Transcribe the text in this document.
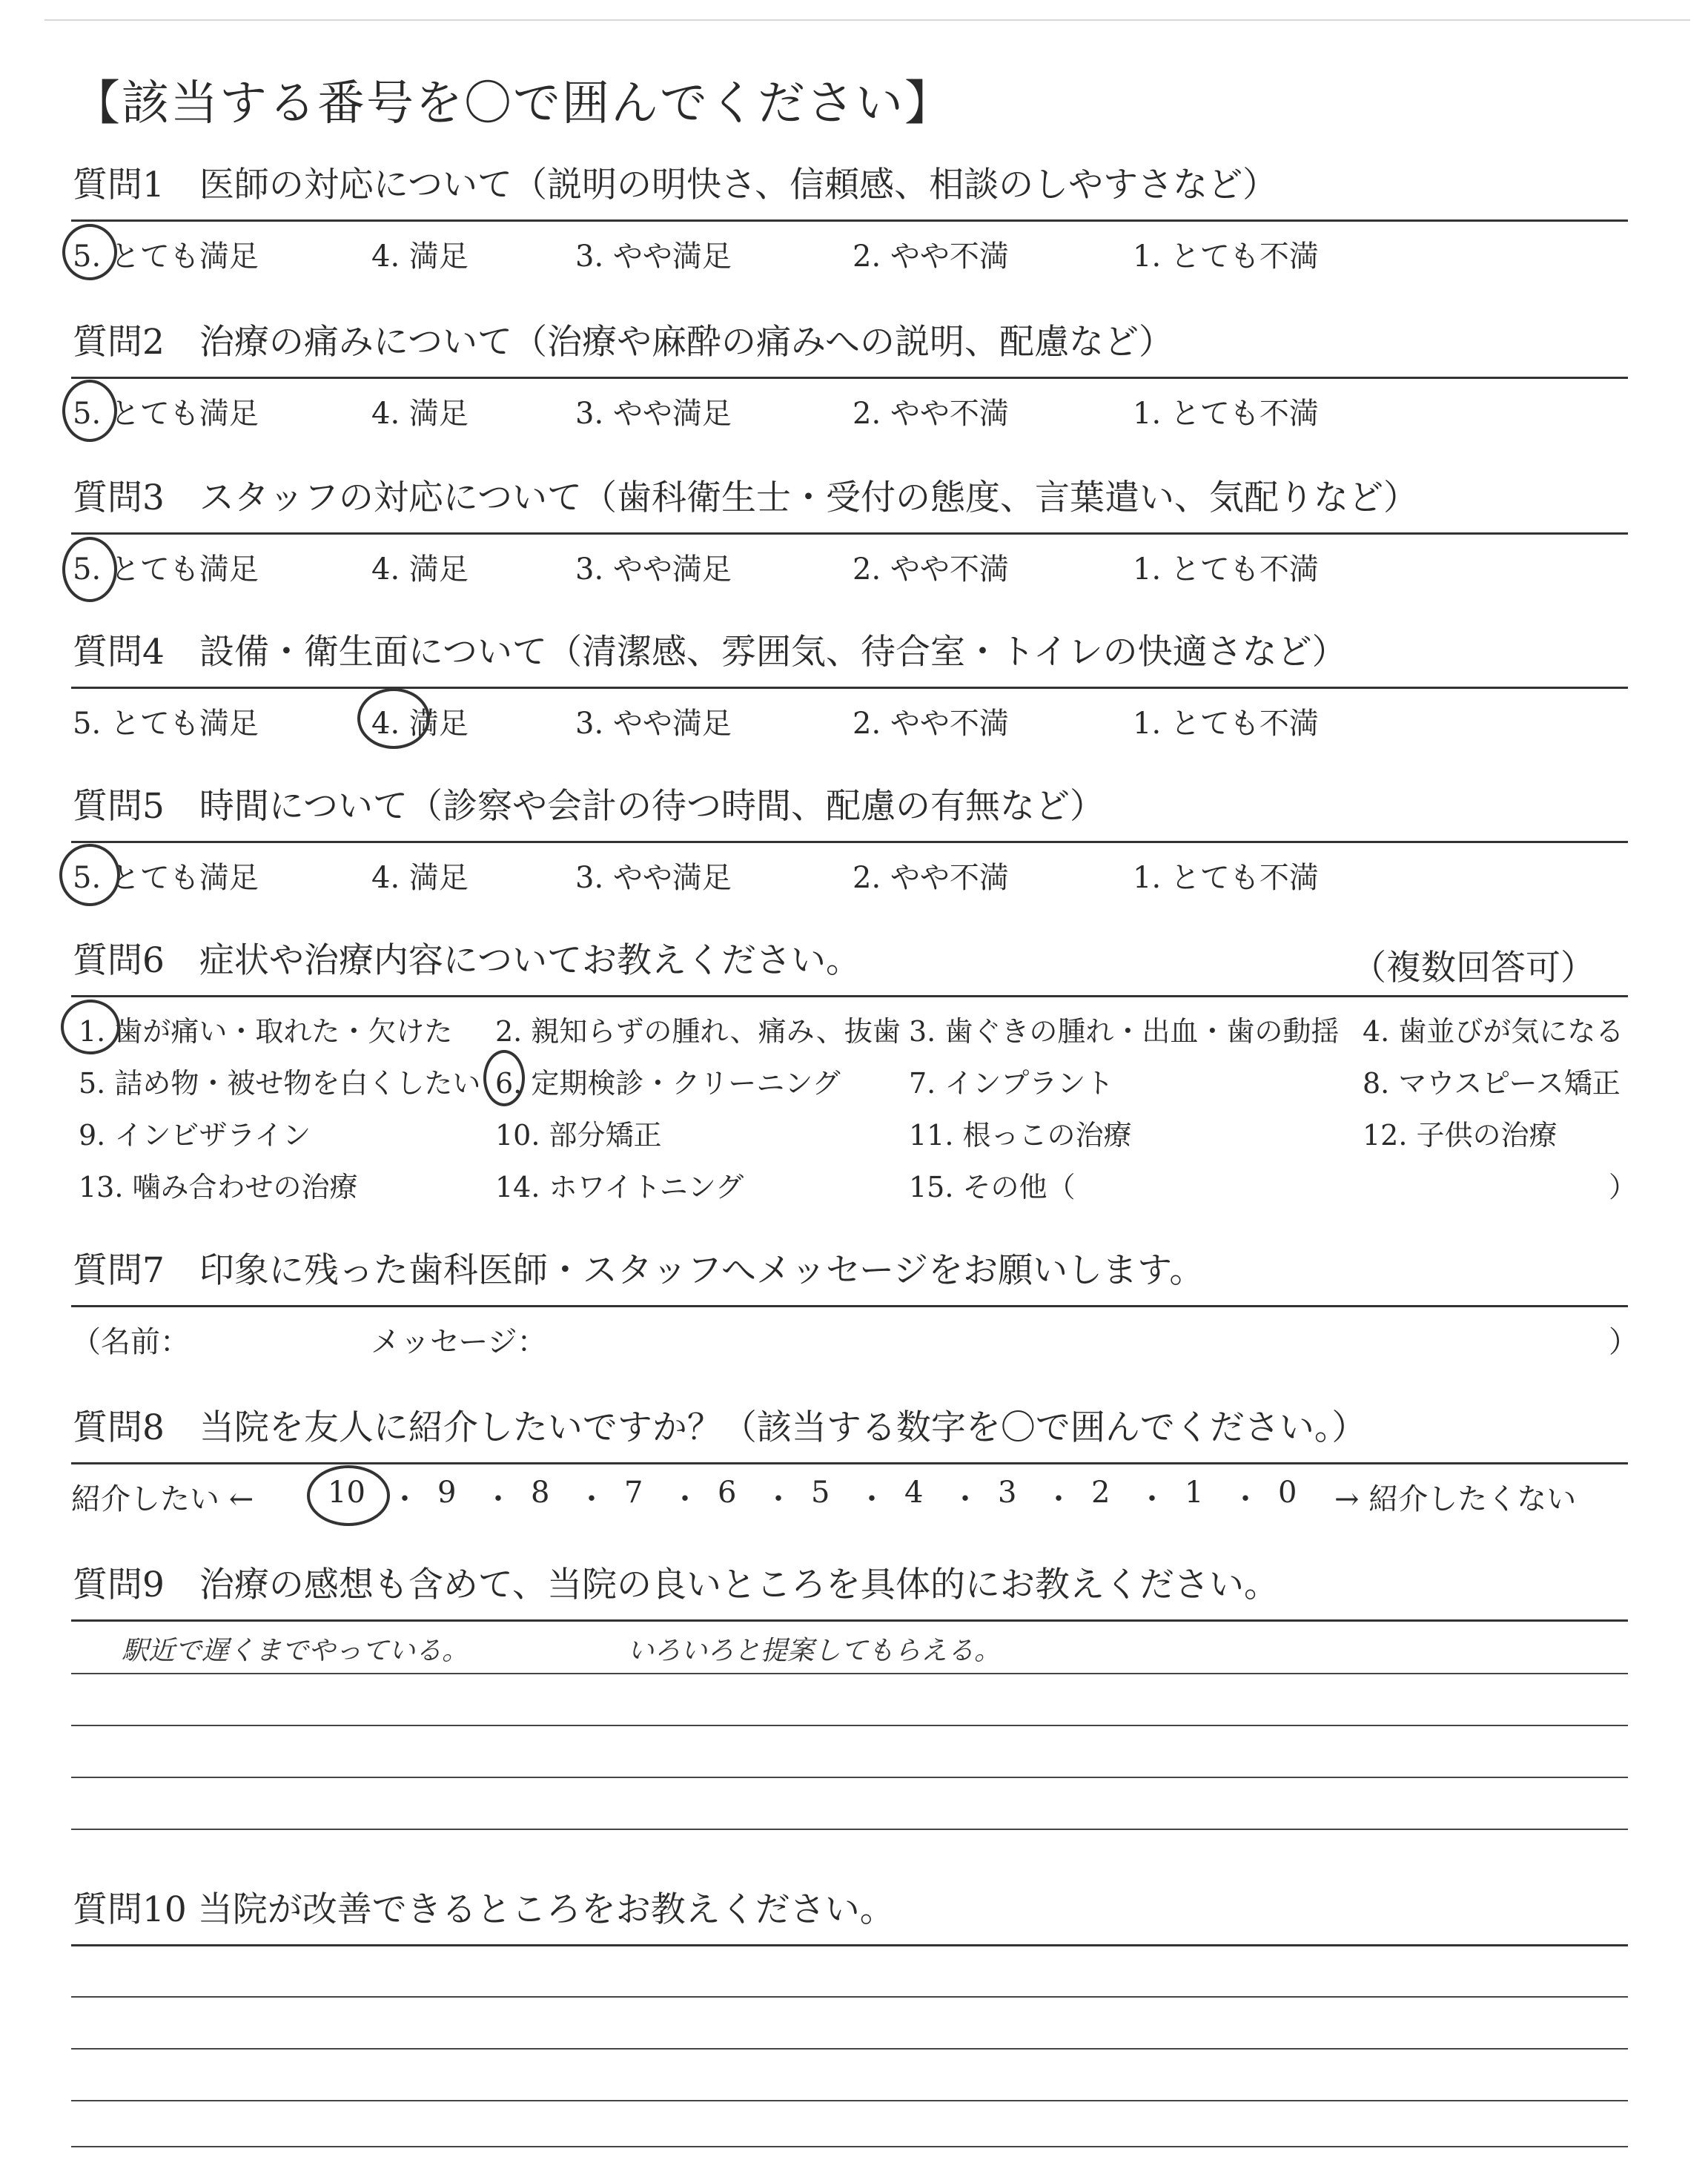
【該当する番号を〇で囲んでください】
質問1　医師の対応について（説明の明快さ、信頼感、相談のしやすさなど）
5. とても満足	4. 満足	3. やや満足	2. やや不満	1. とても不満
質問2　治療の痛みについて（治療や麻酔の痛みへの説明、配慮など）
5. とても満足	4. 満足	3. やや満足	2. やや不満	1. とても不満
質問3　スタッフの対応について（歯科衛生士・受付の態度、言葉遣い、気配りなど）
5. とても満足	4. 満足	3. やや満足	2. やや不満	1. とても不満
質問4　設備・衛生面について（清潔感、雰囲気、待合室・トイレの快適さなど）
5. とても満足	4. 満足	3. やや満足	2. やや不満	1. とても不満
質問5　時間について（診察や会計の待つ時間、配慮の有無など）
5. とても満足	4. 満足	3. やや満足	2. やや不満	1. とても不満
質問6　症状や治療内容についてお教えください。	（複数回答可）
1. 歯が痛い・取れた・欠けた 2. 親知らずの腫れ、痛み、抜歯 3. 歯ぐきの腫れ・出血・歯の動揺 4. 歯並びが気になる
5. 詰め物・被せ物を白くしたい 6. 定期検診・クリーニング 7. インプラント	8. マウスピース矯正
9. インビザライン	10. 部分矯正	11. 根っこの治療	12. 子供の治療
13. 噛み合わせの治療	14. ホワイトニング	15. その他（	）
質問7　印象に残った歯科医師・スタッフへメッセージをお願いします。
（名前：	メッセージ：	）
質問8　当院を友人に紹介したいですか？（該当する数字を〇で囲んでください。）
紹介したい ← 10 ・ 9 ・ 8 ・ 7 ・ 6 ・ 5 ・ 4 ・ 3 ・ 2 ・ 1 ・ 0 → 紹介したくない
質問9　治療の感想も含めて、当院の良いところを具体的にお教えください。
駅近で遅くまでやっている。	いろいろと提案してもらえる。
質問10 当院が改善できるところをお教えください。
